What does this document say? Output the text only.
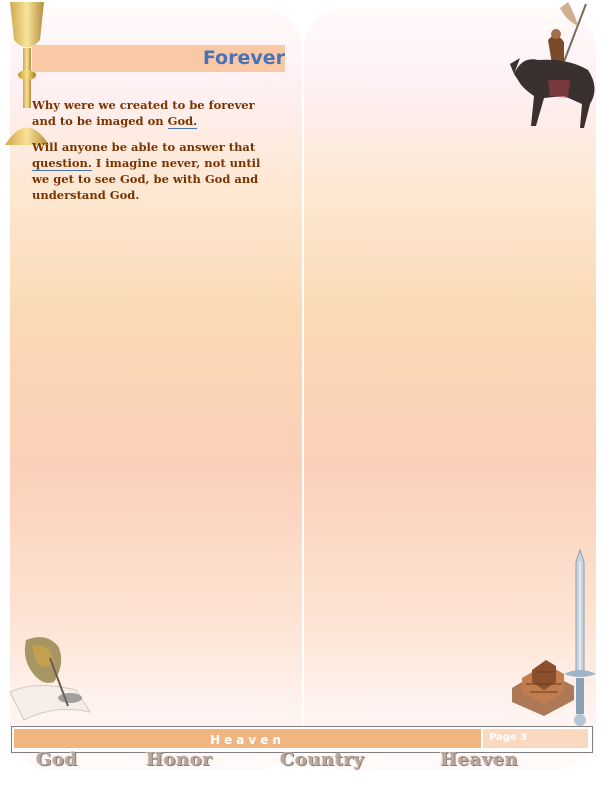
Forever
Why were we created to be forever and to be imaged on God.
Will anyone be able to answer that question. I imagine never, not until we get to see God, be with God and understand God.
Heaven	Page 3
God	Honor	Country	Heaven
